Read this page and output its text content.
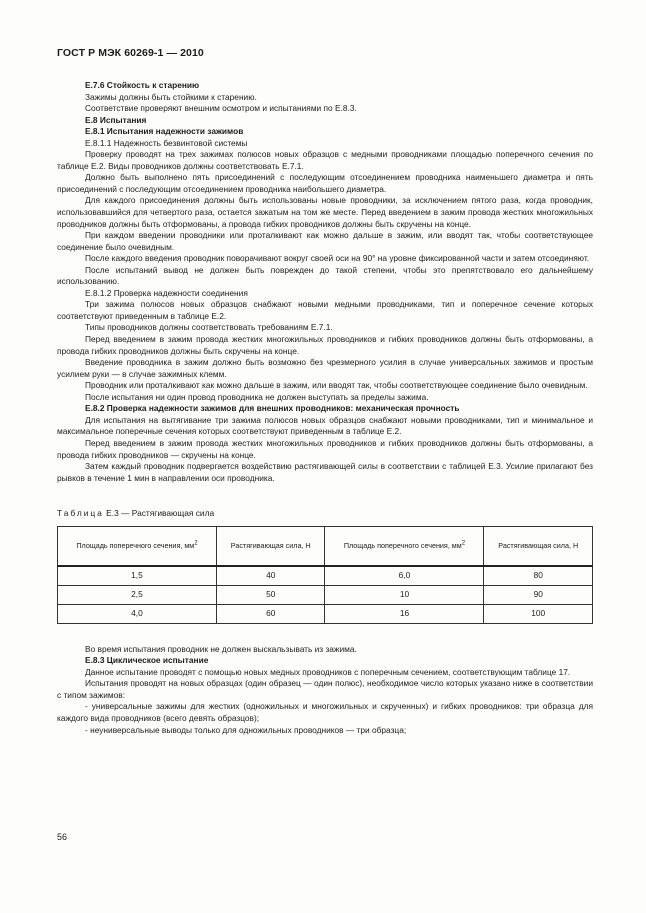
ГОСТ Р МЭК 60269-1 — 2010

Е.7.6 Стойкость к старению

Зажимы должны быть стойкими к старению.

Соответствие проверяют внешним осмотром и испытаниями по Е.8.3.

Е.8 Испытания

Е.8.1 Испытания надежности зажимов

Е.8.1.1 Надежность безвинтовой системы

Проверку проводят на трех зажимах полюсов новых образцов с медными проводниками площадью поперечного сечения по таблице Е.2. Виды проводников должны соответствовать Е.7.1.

Должно быть выполнено пять присоединений с последующим отсоединением проводника наименьшего диаметра и пять присоединений с последующим отсоединением проводника наибольшего диаметра.

Для каждого присоединения должны быть использованы новые проводники, за исключением пятого раза, когда проводник, использовавшийся для четвертого раза, остается зажатым на том же месте. Перед введением в зажим провода жестких многожильных проводников должны быть отформованы, а провода гибких проводников должны быть скручены на конце.

При каждом введении проводники или проталкивают как можно дальше в зажим, или вводят так, чтобы соответствующее соединение было очевидным.

После каждого введения проводник поворачивают вокруг своей оси на 90° на уровне фиксированной части и затем отсоединяют.

После испытаний вывод не должен быть поврежден до такой степени, чтобы это препятствовало его дальнейшему использованию.

Е.8.1.2 Проверка надежности соединения

Три зажима полюсов новых образцов снабжают новыми медными проводниками, тип и поперечное сечение которых соответствуют приведенным в таблице Е.2.

Типы проводников должны соответствовать требованиям Е.7.1.

Перед введением в зажим провода жестких многожильных проводников и гибких проводников должны быть отформованы, а провода гибких проводников должны быть скручены на конце.

Введение проводника в зажим должно быть возможно без чрезмерного усилия в случае универсальных зажимов и простым усилием руки — в случае зажимных клемм.

Проводник или проталкивают как можно дальше в зажим, или вводят так, чтобы соответствующее соединение было очевидным.

После испытания ни один провод проводника не должен выступать за пределы зажима.

Е.8.2 Проверка надежности зажимов для внешних проводников: механическая прочность

Для испытания на вытягивание три зажима полюсов новых образцов снабжают новыми проводниками, тип и минимальное и максимальное поперечные сечения которых соответствуют приведенным в таблице Е.2.

Перед введением в зажим провода жестких многожильных проводников и гибких проводников должны быть отформованы, а провода гибких проводников — скручены на конце.

Затем каждый проводник подвергается воздействию растягивающей силы в соответствии с таблицей Е.3. Усилие прилагают без рывков в течение 1 мин в направлении оси проводника.

Таблица Е.3 — Растягивающая сила
Площадь поперечного сечения, $мм^2$	Растягивающая сила, Н	Площадь поперечного сечения, $мм^2$	Растягивающая сила, Н
1,5	40	6,0	80
2,5	50	10	90
4,0	60	16	100

Во время испытания проводник не должен выскальзывать из зажима.

Е.8.3 Циклическое испытание

Данное испытание проводят с помощью новых медных проводников с поперечным сечением, соответствующим таблице 17.

Испытания проводят на новых образцах (один образец — один полюс), необходимое число которых указано ниже в соответствии с типом зажимов:

- универсальные зажимы для жестких (одножильных и многожильных и скрученных) и гибких проводников: три образца для каждого вида проводников (всего девять образцов);

- неуниверсальные выводы только для одножильных проводников — три образца;

56
